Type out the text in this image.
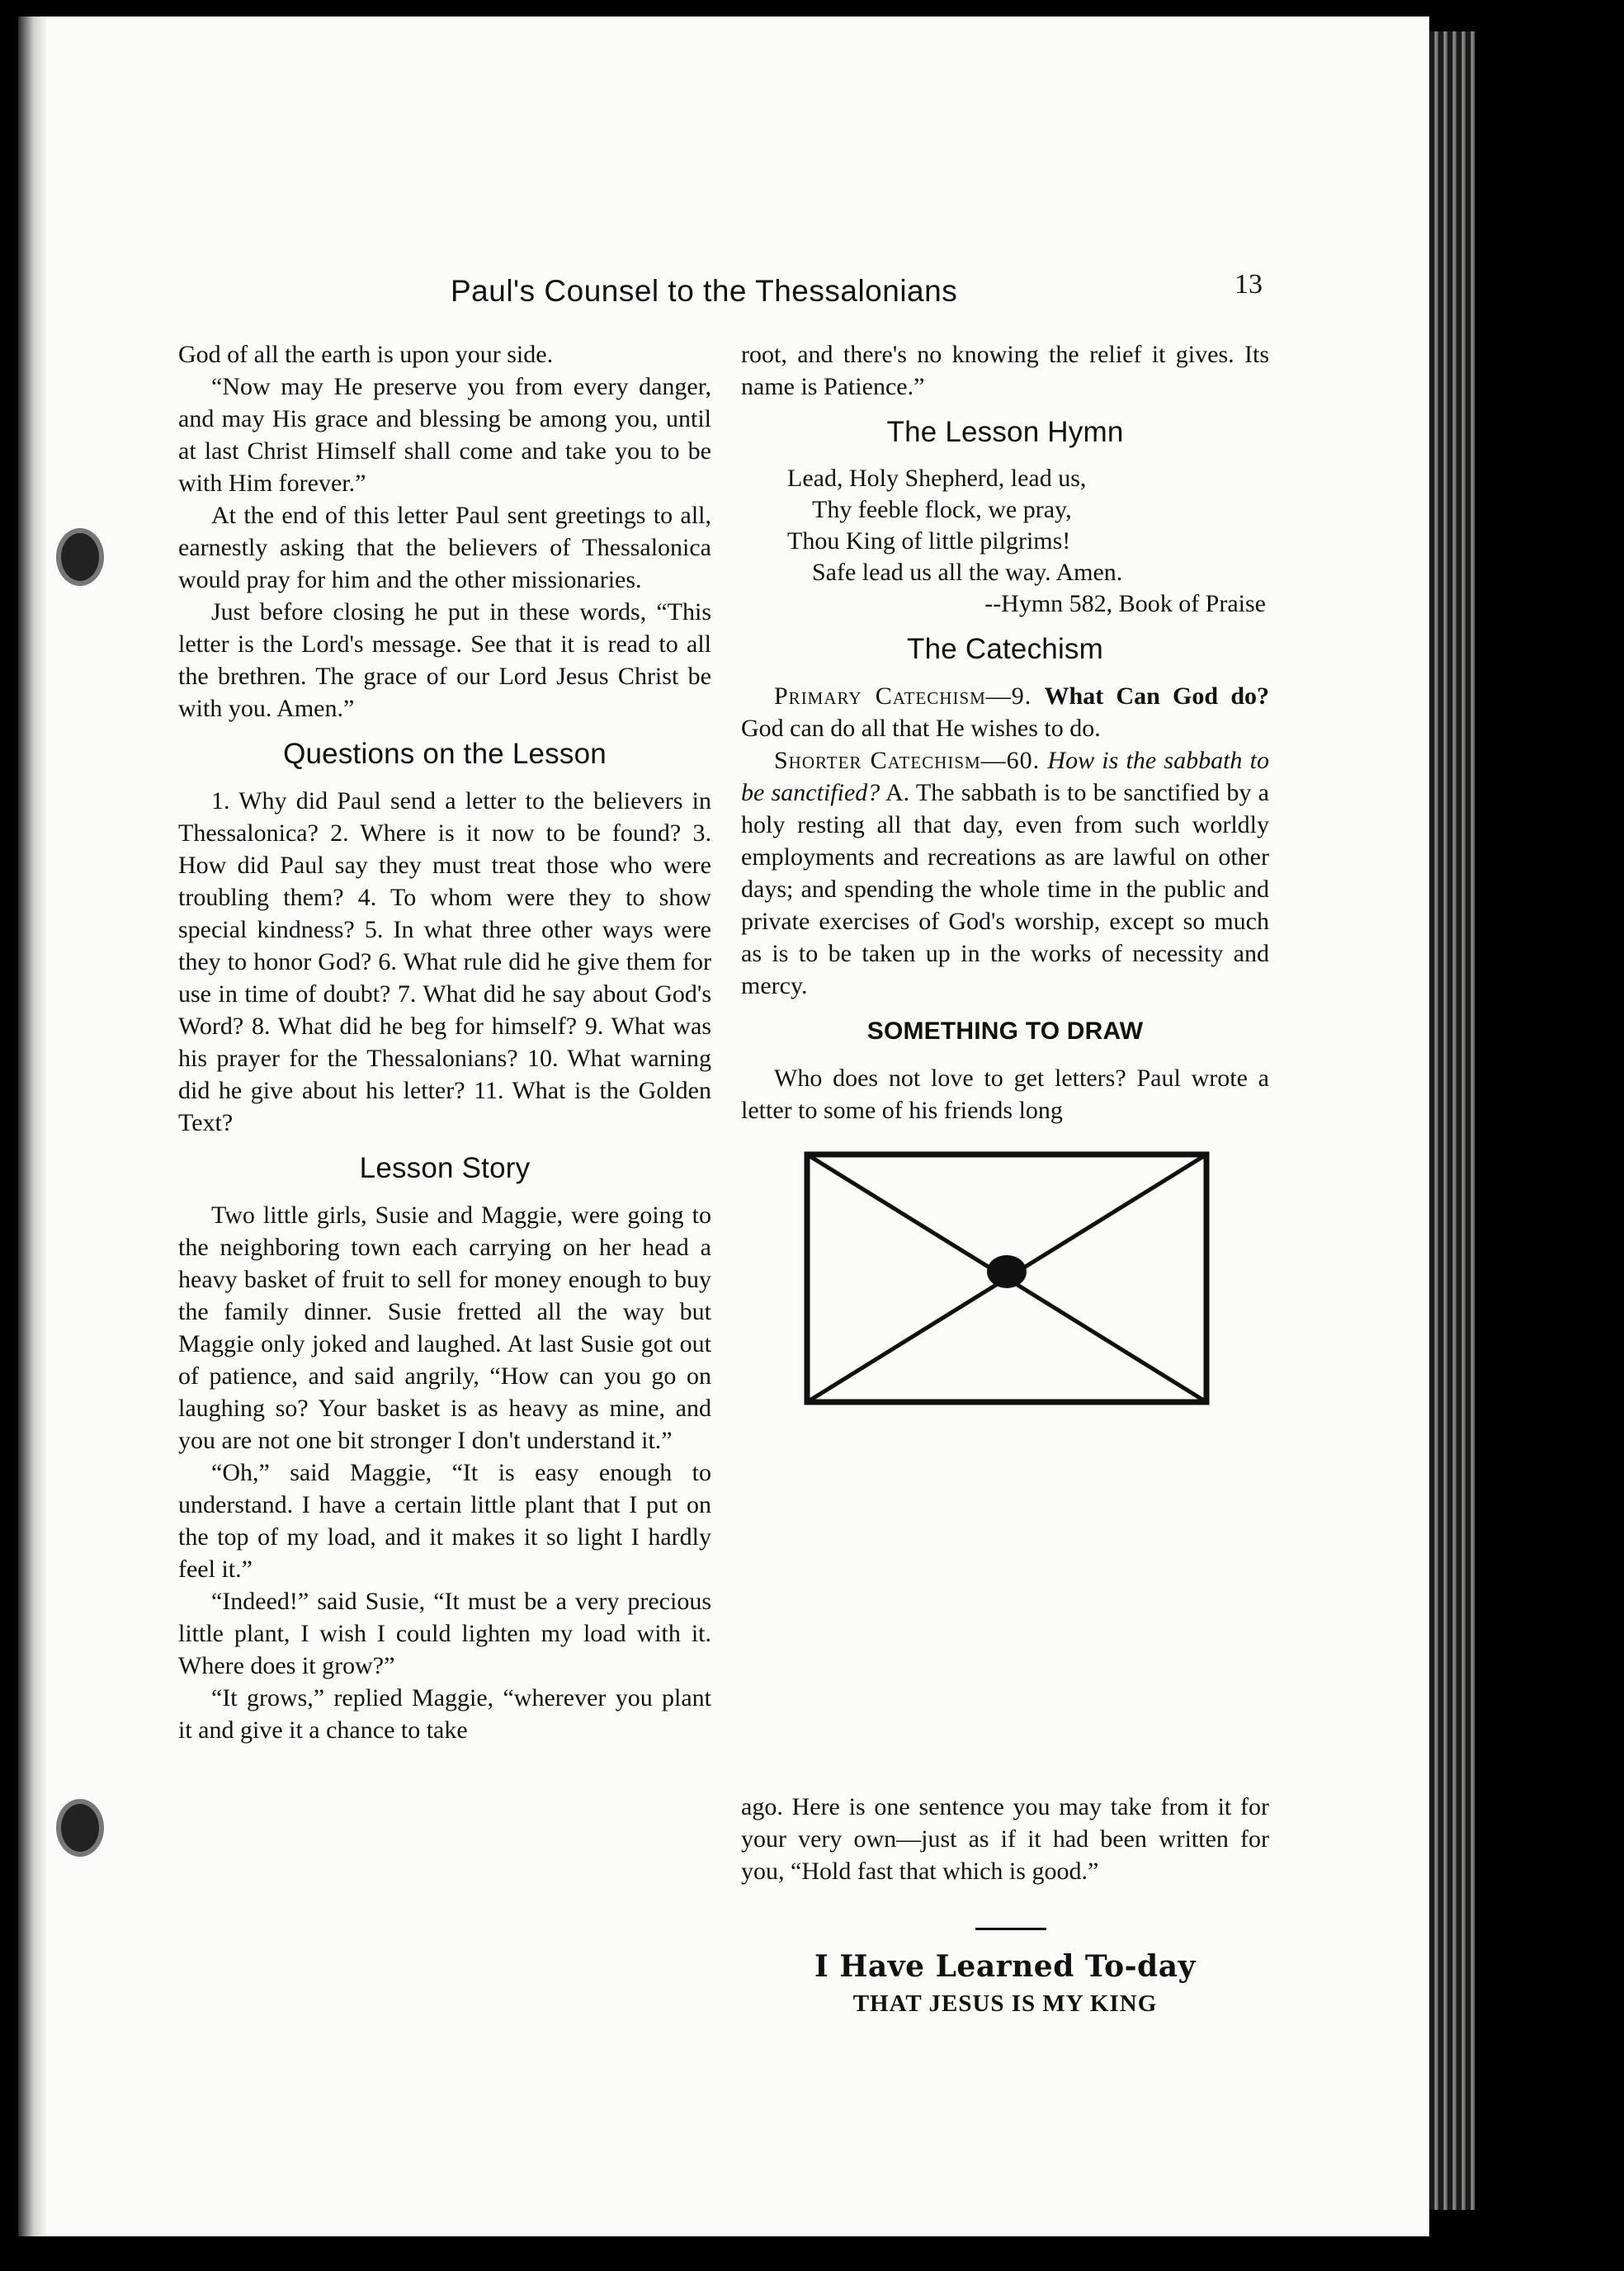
Paul's Counsel to the Thessalonians	13

God of all the earth is upon your side.

“Now may He preserve you from every danger, and may His grace and blessing be among you, until at last Christ Himself shall come and take you to be with Him forever.”

At the end of this letter Paul sent greetings to all, earnestly asking that the believers of Thessalonica would pray for him and the other missionaries.

Just before closing he put in these words, “This letter is the Lord's message. See that it is read to all the brethren. The grace of our Lord Jesus Christ be with you. Amen.”

Questions on the Lesson

1. Why did Paul send a letter to the believers in Thessalonica? 2. Where is it now to be found? 3. How did Paul say they must treat those who were troubling them? 4. To whom were they to show special kindness? 5. In what three other ways were they to honor God? 6. What rule did he give them for use in time of doubt? 7. What did he say about God's Word? 8. What did he beg for himself? 9. What was his prayer for the Thessalonians? 10. What warning did he give about his letter? 11. What is the Golden Text?

Lesson Story

Two little girls, Susie and Maggie, were going to the neighboring town each carrying on her head a heavy basket of fruit to sell for money enough to buy the family dinner. Susie fretted all the way but Maggie only joked and laughed. At last Susie got out of patience, and said angrily, “How can you go on laughing so? Your basket is as heavy as mine, and you are not one bit stronger I don't understand it.”

“Oh,” said Maggie, “It is easy enough to understand. I have a certain little plant that I put on the top of my load, and it makes it so light I hardly feel it.”

“Indeed!” said Susie, “It must be a very precious little plant, I wish I could lighten my load with it. Where does it grow?”

“It grows,” replied Maggie, “wherever you plant it and give it a chance to take

root, and there's no knowing the relief it gives. Its name is Patience.”

The Lesson Hymn
Lead, Holy Shepherd, lead us,
Thy feeble flock, we pray,
Thou King of little pilgrims!
Safe lead us all the way. Amen.
--Hymn 582, Book of Praise
The Catechism

Primary Catechism—9. What Can God do? God can do all that He wishes to do.

Shorter Catechism—60. How is the sabbath to be sanctified? A. The sabbath is to be sanctified by a holy resting all that day, even from such worldly employments and recreations as are lawful on other days; and spending the whole time in the public and private exercises of God's worship, except so much as is to be taken up in the works of necessity and mercy.

SOMETHING TO DRAW

Who does not love to get letters? Paul wrote a letter to some of his friends long

ago. Here is one sentence you may take from it for your very own—just as if it had been written for you, “Hold fast that which is good.”
I Have Learned To-day
THAT JESUS IS MY KING
